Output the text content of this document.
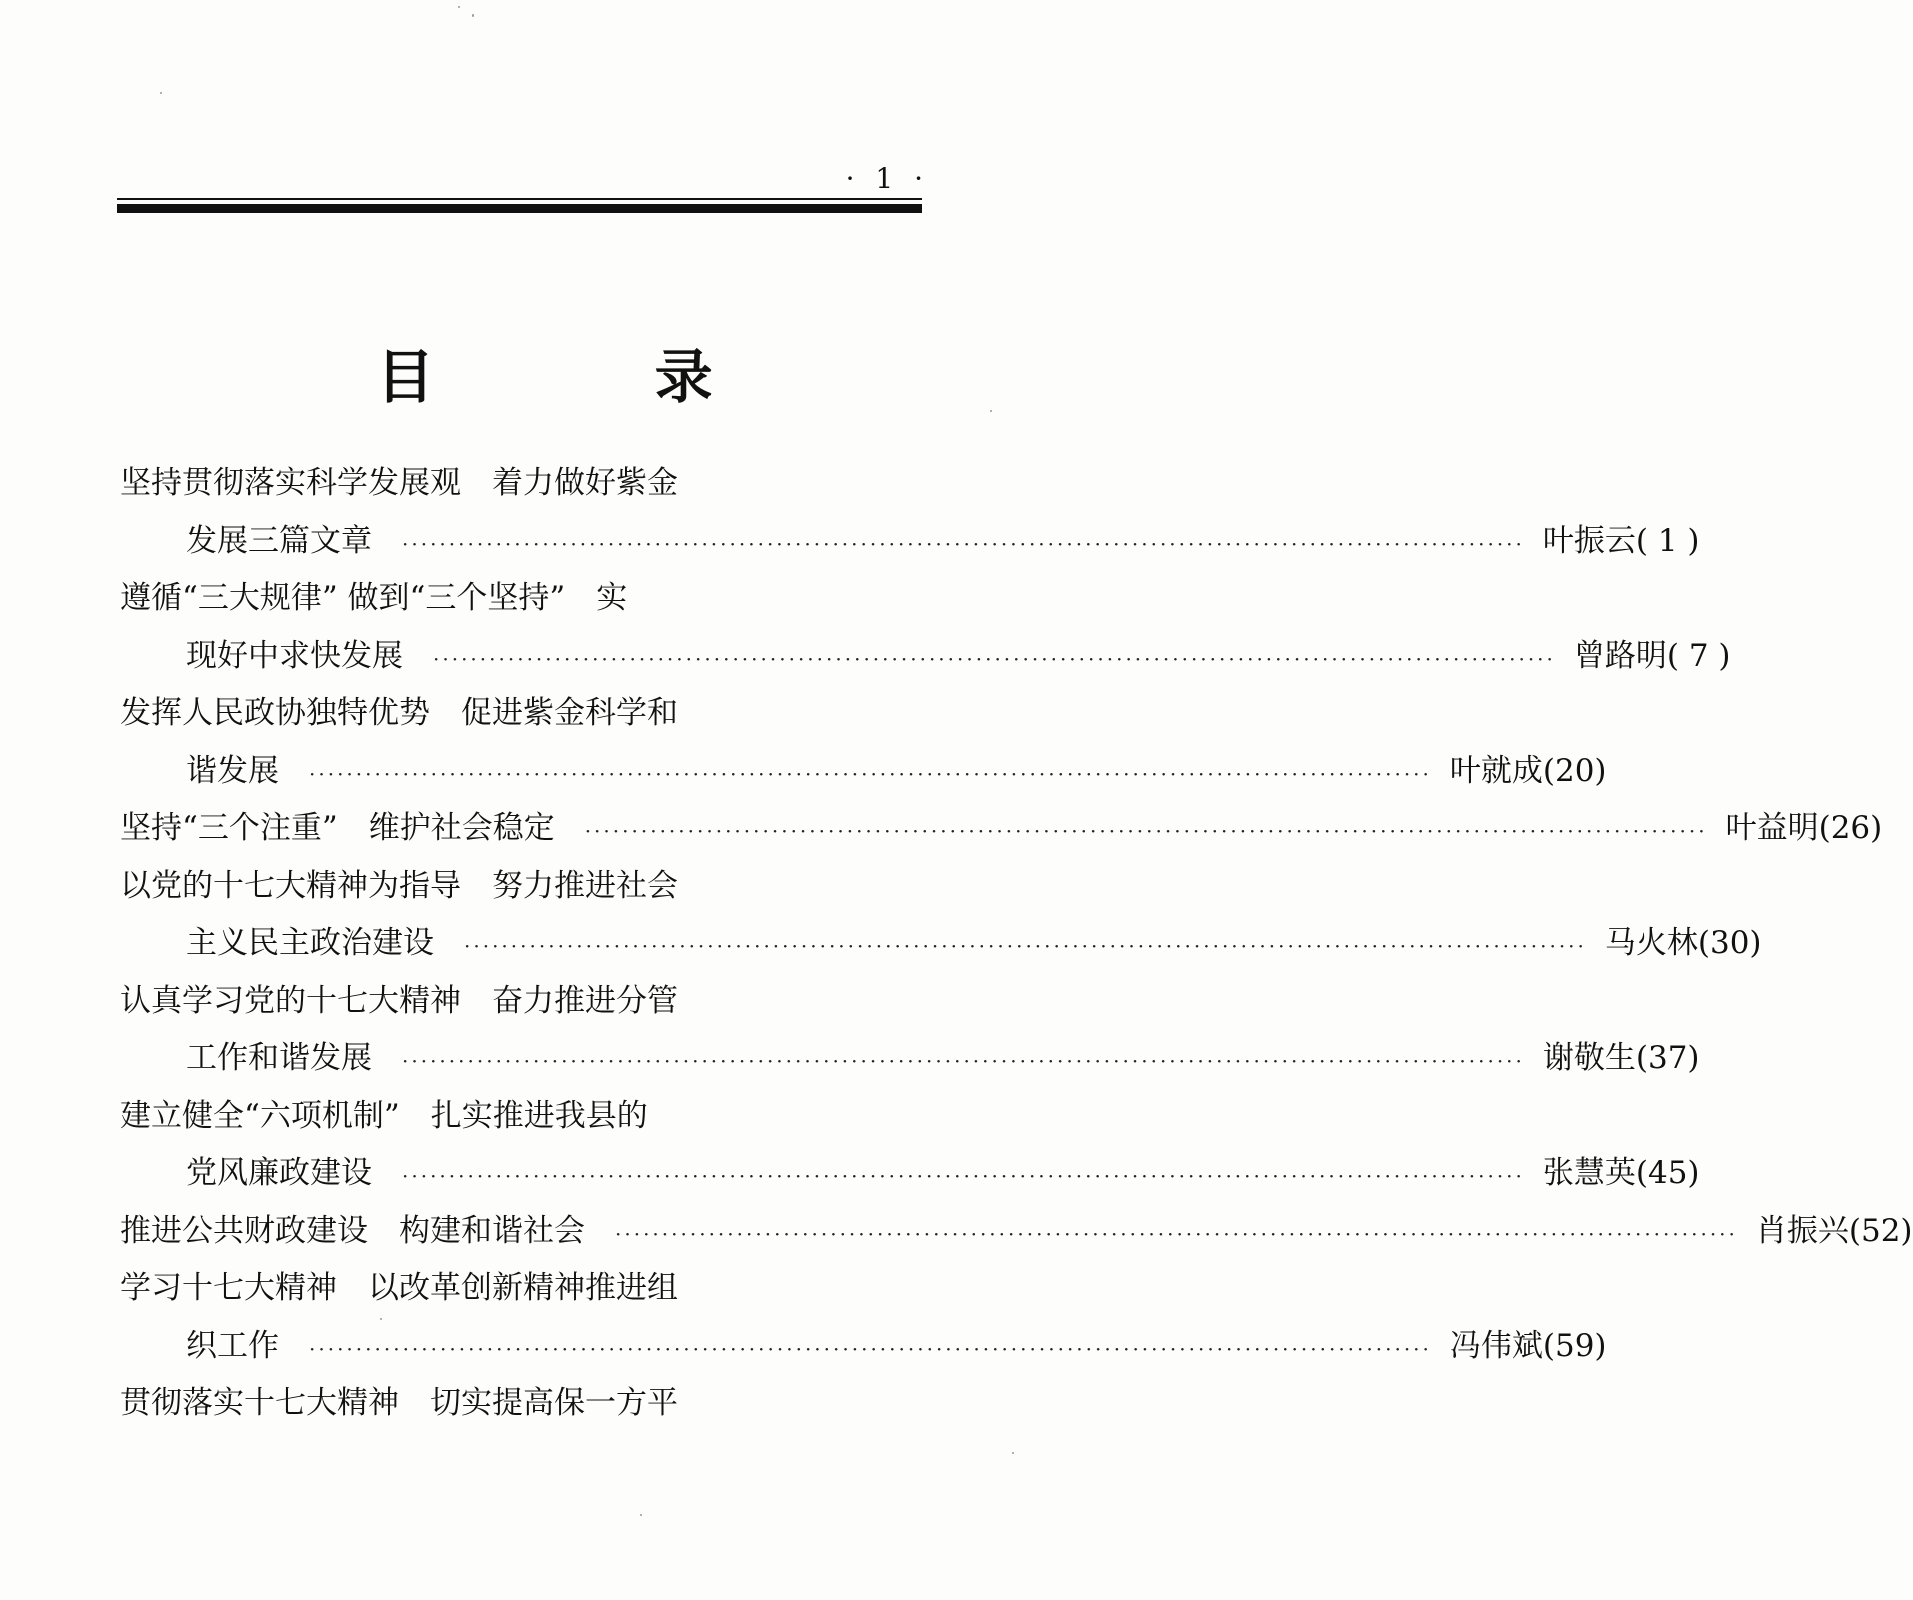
· 1 ·
目 录
坚持贯彻落实科学发展观　着力做好紫金
发展三篇文章 ························································································································ 叶振云( 1 )
遵循“三大规律” 做到“三个坚持”　实
现好中求快发展 ························································································································ 曾路明( 7 )
发挥人民政协独特优势　促进紫金科学和
谐发展 ························································································································ 叶就成(20)
坚持“三个注重”　维护社会稳定 ························································································································ 叶益明(26)
以党的十七大精神为指导　努力推进社会
主义民主政治建设 ························································································································ 马火林(30)
认真学习党的十七大精神　奋力推进分管
工作和谐发展 ························································································································ 谢敬生(37)
建立健全“六项机制”　扎实推进我县的
党风廉政建设 ························································································································ 张慧英(45)
推进公共财政建设　构建和谐社会 ························································································································ 肖振兴(52)
学习十七大精神　以改革创新精神推进组
织工作 ························································································································ 冯伟斌(59)
贯彻落实十七大精神　切实提高保一方平
